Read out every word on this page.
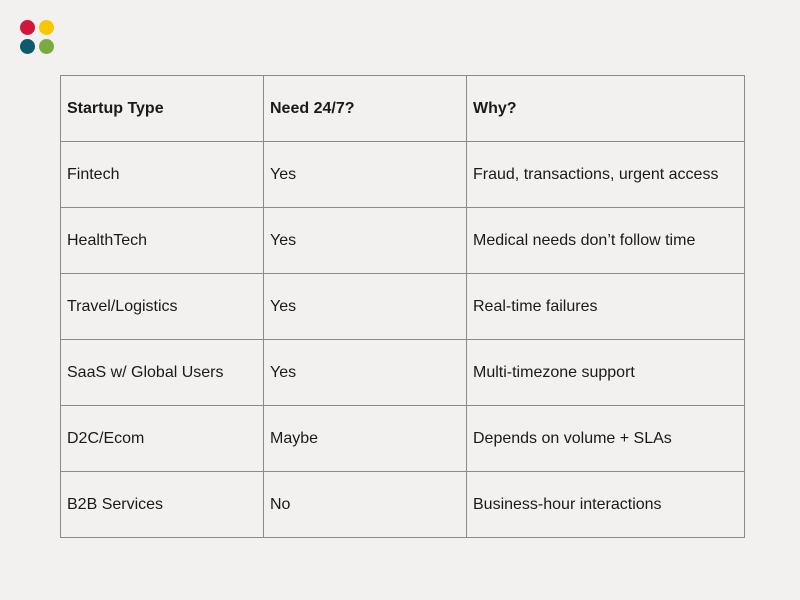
Startup Type	Need 24/7?	Why?
Fintech	Yes	Fraud, transactions, urgent access
HealthTech	Yes	Medical needs don’t follow time
Travel/Logistics	Yes	Real-time failures
SaaS w/ Global Users	Yes	Multi-timezone support
D2C/Ecom	Maybe	Depends on volume + SLAs
B2B Services	No	Business-hour interactions
